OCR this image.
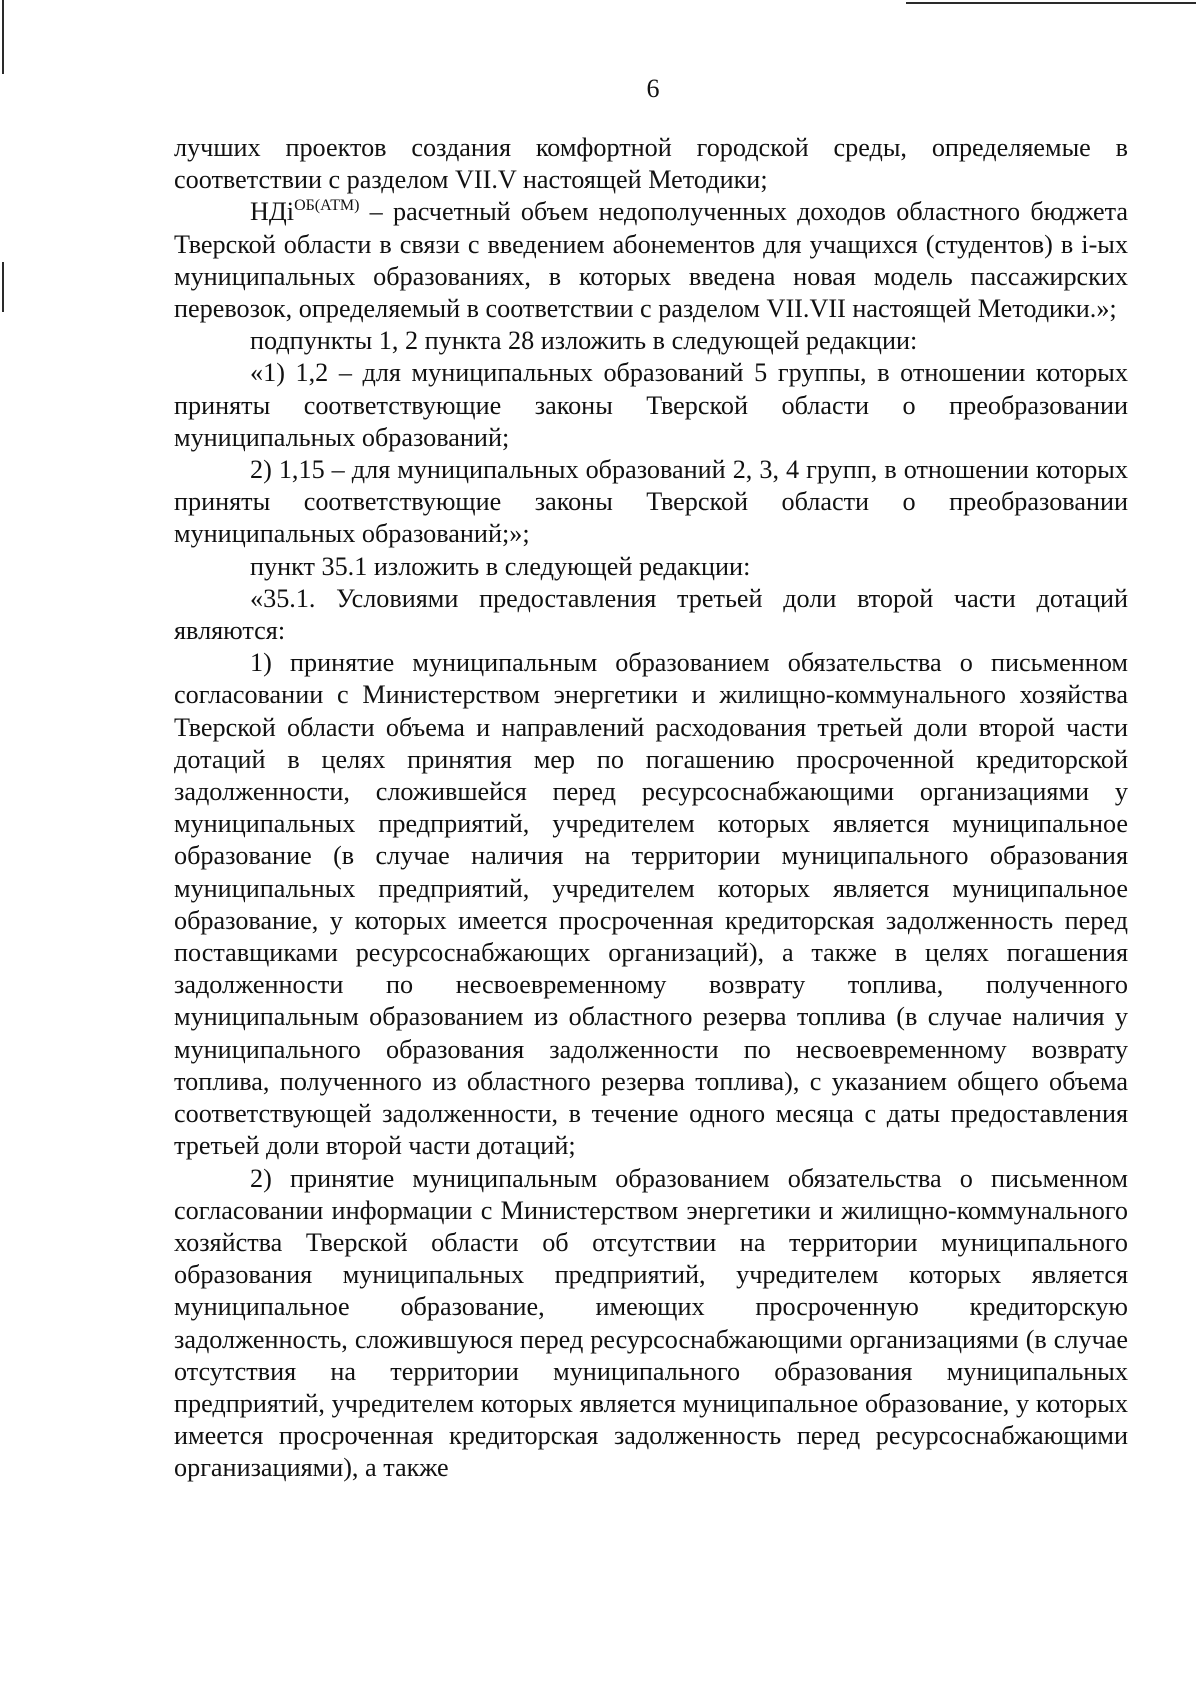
6

лучших проектов создания комфортной городской среды, определяемые в соответствии с разделом VII.V настоящей Методики;

НДi$^{ОБ(АТМ)}$ – расчетный объем недополученных доходов областного бюджета Тверской области в связи с введением абонементов для учащихся (студентов) в i-ых муниципальных образованиях, в которых введена новая модель пассажирских перевозок, определяемый в соответствии с разделом VII.VII настоящей Методики.»;

подпункты 1, 2 пункта 28 изложить в следующей редакции:

«1) 1,2 – для муниципальных образований 5 группы, в отношении которых приняты соответствующие законы Тверской области о преобразовании муниципальных образований;

2) 1,15 – для муниципальных образований 2, 3, 4 групп, в отношении которых приняты соответствующие законы Тверской области о преобразовании муниципальных образований;»;

пункт 35.1 изложить в следующей редакции:

«35.1. Условиями предоставления третьей доли второй части дотаций являются:

1) принятие муниципальным образованием обязательства о письменном согласовании с Министерством энергетики и жилищно-коммунального хозяйства Тверской области объема и направлений расходования третьей доли второй части дотаций в целях принятия мер по погашению просроченной кредиторской задолженности, сложившейся перед ресурсоснабжающими организациями у муниципальных предприятий, учредителем которых является муниципальное образование (в случае наличия на территории муниципального образования муниципальных предприятий, учредителем которых является муниципальное образование, у которых имеется просроченная кредиторская задолженность перед поставщиками ресурсоснабжающих организаций), а также в целях погашения задолженности по несвоевременному возврату топлива, полученного муниципальным образованием из областного резерва топлива (в случае наличия у муниципального образования задолженности по несвоевременному возврату топлива, полученного из областного резерва топлива), с указанием общего объема соответствующей задолженности, в течение одного месяца с даты предоставления третьей доли второй части дотаций;

2) принятие муниципальным образованием обязательства о письменном согласовании информации с Министерством энергетики и жилищно-коммунального хозяйства Тверской области об отсутствии на территории муниципального образования муниципальных предприятий, учредителем которых является муниципальное образование, имеющих просроченную кредиторскую задолженность, сложившуюся перед ресурсоснабжающими организациями (в случае отсутствия на территории муниципального образования муниципальных предприятий, учредителем которых является муниципальное образование, у которых имеется просроченная кредиторская задолженность перед ресурсоснабжающими организациями), а также
